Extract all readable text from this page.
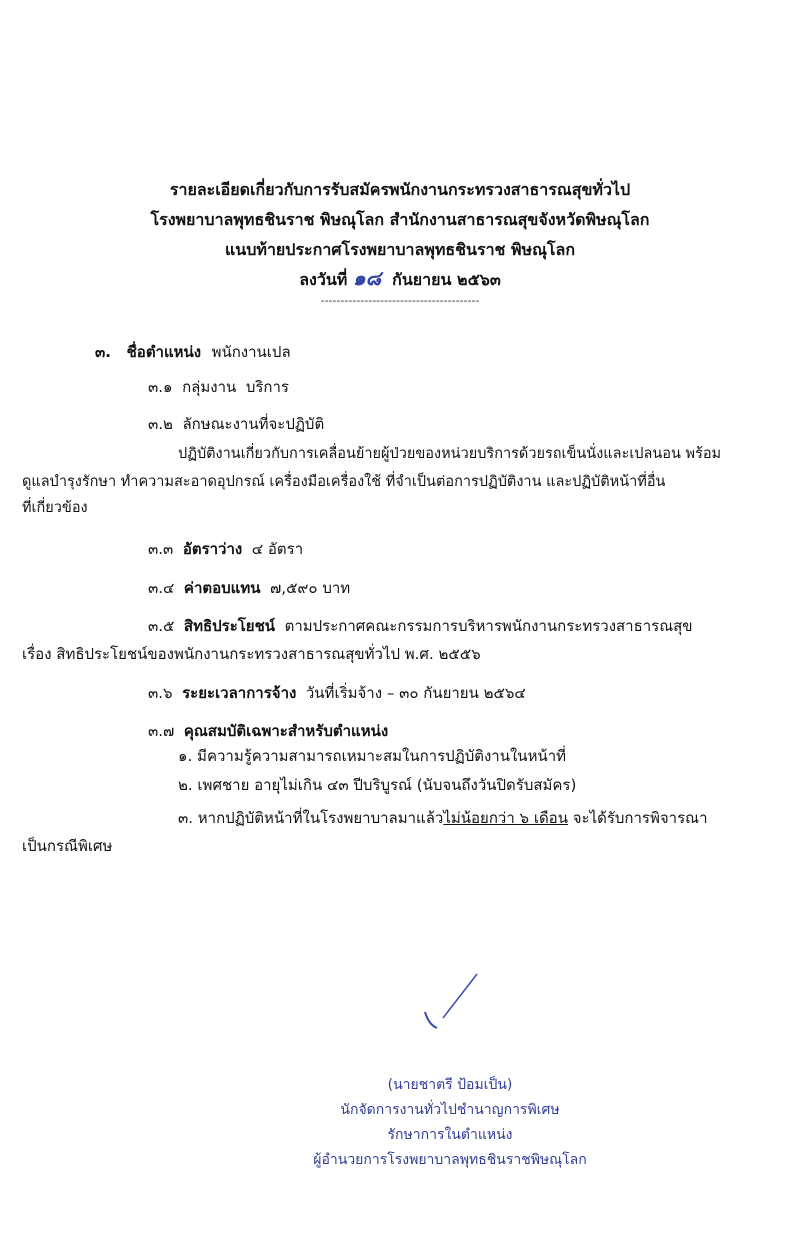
รายละเอียดเกี่ยวกับการรับสมัครพนักงานกระทรวงสาธารณสุขทั่วไป
โรงพยาบาลพุทธชินราช พิษณุโลก สำนักงานสาธารณสุขจังหวัดพิษณุโลก
แนบท้ายประกาศโรงพยาบาลพุทธชินราช พิษณุโลก
ลงวันที่ ๑๘ กันยายน ๒๕๖๓
----------------------------------------
๓. ชื่อตำแหน่ง พนักงานเปล
๓.๑ กลุ่มงาน บริการ
๓.๒ ลักษณะงานที่จะปฏิบัติ
ปฏิบัติงานเกี่ยวกับการเคลื่อนย้ายผู้ป่วยของหน่วยบริการด้วยรถเข็นนั่งและเปลนอน พร้อม
ดูแลบำรุงรักษา ทำความสะอาดอุปกรณ์ เครื่องมือเครื่องใช้ ที่จำเป็นต่อการปฏิบัติงาน และปฏิบัติหน้าที่อื่น
ที่เกี่ยวข้อง
๓.๓ อัตราว่าง ๔ อัตรา
๓.๔ ค่าตอบแทน ๗,๕๙๐ บาท
๓.๕ สิทธิประโยชน์ ตามประกาศคณะกรรมการบริหารพนักงานกระทรวงสาธารณสุข
เรื่อง สิทธิประโยชน์ของพนักงานกระทรวงสาธารณสุขทั่วไป พ.ศ. ๒๕๕๖
๓.๖ ระยะเวลาการจ้าง วันที่เริ่มจ้าง – ๓๐ กันยายน ๒๕๖๔
๓.๗ คุณสมบัติเฉพาะสำหรับตำแหน่ง
๑. มีความรู้ความสามารถเหมาะสมในการปฏิบัติงานในหน้าที่
๒. เพศชาย อายุไม่เกิน ๔๓ ปีบริบูรณ์ (นับจนถึงวันปิดรับสมัคร)
๓. หากปฏิบัติหน้าที่ในโรงพยาบาลมาแล้วไม่น้อยกว่า ๖ เดือน จะได้รับการพิจารณา
เป็นกรณีพิเศษ
(นายชาตรี ป้อมเป็น)
นักจัดการงานทั่วไปชำนาญการพิเศษ
รักษาการในตำแหน่ง
ผู้อำนวยการโรงพยาบาลพุทธชินราชพิษณุโลก
